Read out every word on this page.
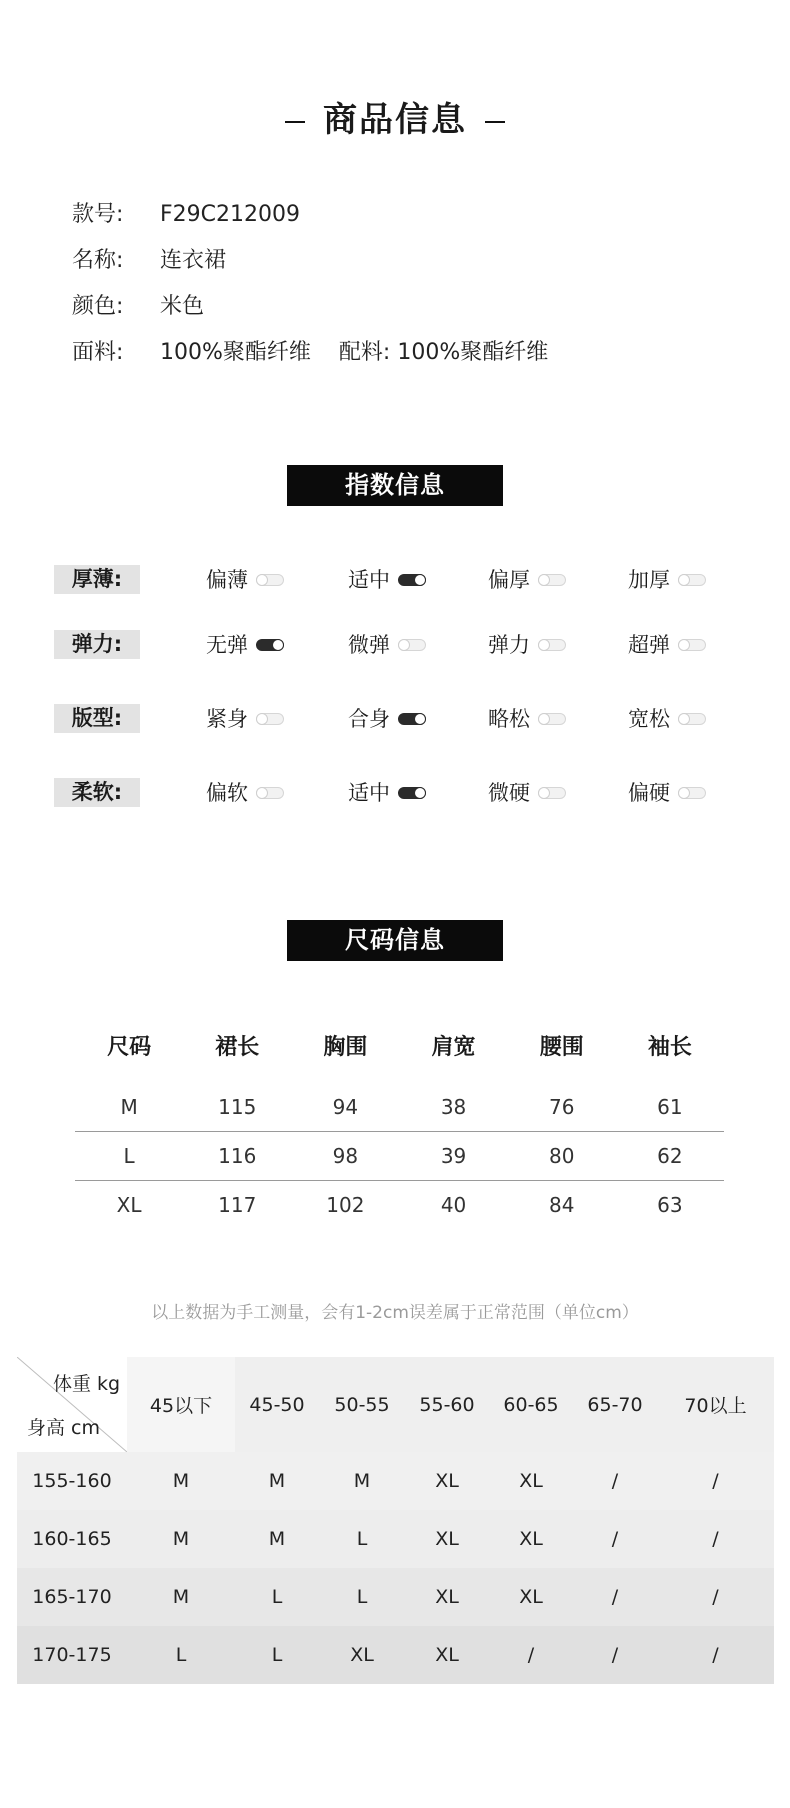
商品信息
款号:	F29C212009
名称:	连衣裙
颜色:	米色
面料:	100%聚酯纤维 配料: 100%聚酯纤维
指数信息
厚薄:	偏薄	适中	偏厚	加厚
弹力:	无弹	微弹	弹力	超弹
版型:	紧身	合身	略松	宽松
柔软:	偏软	适中	微硬	偏硬
尺码信息
尺码	裙长	胸围	肩宽	腰围	袖长
M	115	94	38	76	61
L	116	98	39	80	62
XL	117	102	40	84	63
以上数据为手工测量，会有1-2cm误差属于正常范围（单位cm）
体重 kg
身高 cm	45以下	45-50	50-55	55-60	60-65	65-70	70以上
155-160	M	M	M	XL	XL	/	/
160-165	M	M	L	XL	XL	/	/
165-170	M	L	L	XL	XL	/	/
170-175	L	L	XL	XL	/	/	/
